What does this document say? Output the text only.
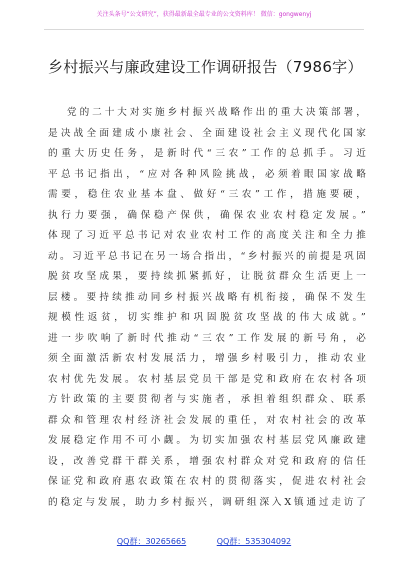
关注头条号“公文研究”，获得最新最全最专业的公文资料库！ 微信：gongwenyj
乡村振兴与廉政建设工作调研报告（7986字）
党的二十大对实施乡村振兴战略作出的重大决策部署，
是决战全面建成小康社会、全面建设社会主义现代化国家
的重大历史任务，是新时代“三农”工作的总抓手。习近
平总书记指出，“应对各种风险挑战，必须着眼国家战略
需要，稳住农业基本盘、做好“三农”工作，措施要硬，
执行力要强，确保稳产保供，确保农业农村稳定发展。”
体现了习近平总书记对农业农村工作的高度关注和全力推
动。习近平总书记在另一场合指出，“乡村振兴的前提是巩固
脱贫攻坚成果，要持续抓紧抓好，让脱贫群众生活更上一
层楼。要持续推动同乡村振兴战略有机衔接，确保不发生
规模性返贫，切实维护和巩固脱贫攻坚战的伟大成就。”
进一步吹响了新时代推动“三农”工作发展的新号角，必
须全面激活新农村发展活力，增强乡村吸引力，推动农业
农村优先发展。农村基层党员干部是党和政府在农村各项
方针政策的主要贯彻者与实施者，承担着组织群众、联系
群众和管理农村经济社会发展的重任，对农村社会的改革
发展稳定作用不可小觑。为切实加强农村基层党风廉政建
设，改善党群干群关系，增强农村群众对党和政府的信任
保证党和政府惠农政策在农村的贯彻落实，促进农村社会
的稳定与发展，助力乡村振兴，调研组深入X镇通过走访了
QQ群：30265665	QQ群：535304092
